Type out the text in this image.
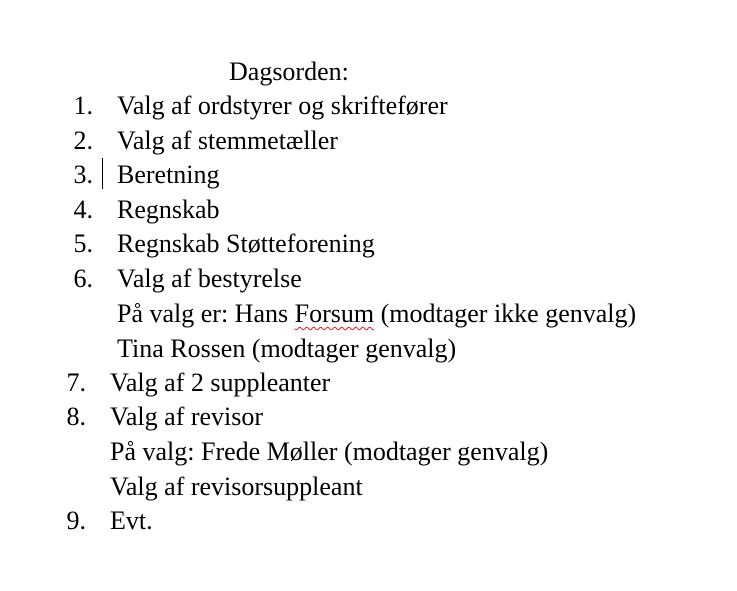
Dagsorden:
1. Valg af ordstyrer og skriftefører
2. Valg af stemmetæller
3. Beretning
4. Regnskab
5. Regnskab Støtteforening
6. Valg af bestyrelse
På valg er: Hans Forsum (modtager ikke genvalg)
Tina Rossen (modtager genvalg)
7. Valg af 2 suppleanter
8. Valg af revisor
På valg: Frede Møller (modtager genvalg)
Valg af revisorsuppleant
9. Evt.
